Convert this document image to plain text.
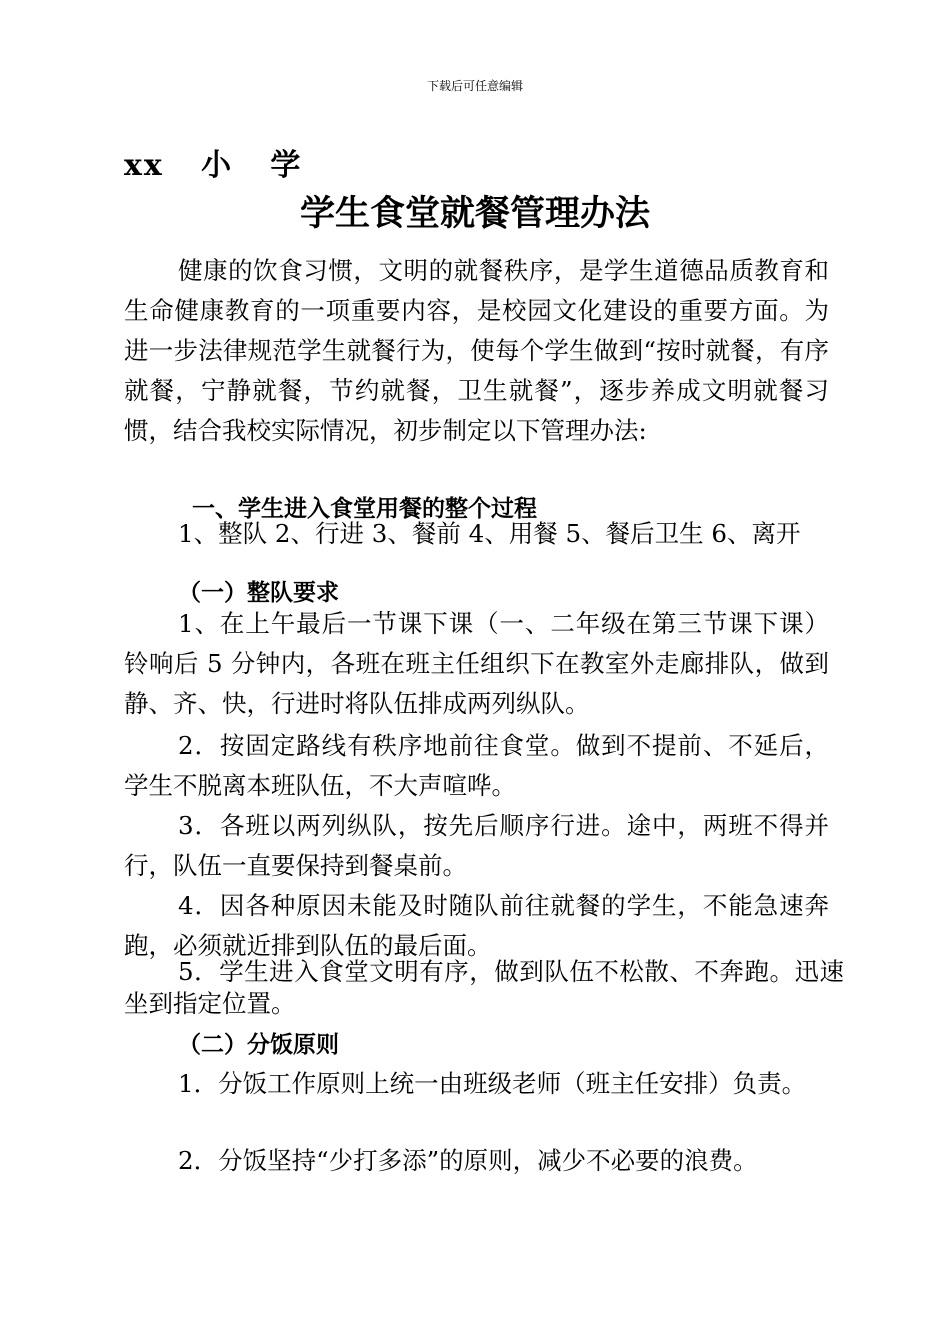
下载后可任意编辑
xx   小   学
学生食堂就餐管理办法
健康的饮食习惯，文明的就餐秩序，是学生道德品质教育和生命健康教育的一项重要内容，是校园文化建设的重要方面。为进一步法律规范学生就餐行为，使每个学生做到“按时就餐，有序就餐，宁静就餐，节约就餐，卫生就餐”，逐步养成文明就餐习惯，结合我校实际情况，初步制定以下管理办法:
一、学生进入食堂用餐的整个过程
1、整队 2、行进 3、餐前 4、用餐 5、餐后卫生 6、离开
（一）整队要求
1、在上午最后一节课下课（一、二年级在第三节课下课）铃响后 5 分钟内，各班在班主任组织下在教室外走廊排队，做到静、齐、快，行进时将队伍排成两列纵队。
2．按固定路线有秩序地前往食堂。做到不提前、不延后，学生不脱离本班队伍，不大声喧哗。
3．各班以两列纵队，按先后顺序行进。途中，两班不得并行，队伍一直要保持到餐桌前。
4．因各种原因未能及时随队前往就餐的学生，不能急速奔跑，必须就近排到队伍的最后面。
5．学生进入食堂文明有序，做到队伍不松散、不奔跑。迅速坐到指定位置。
（二）分饭原则
1．分饭工作原则上统一由班级老师（班主任安排）负责。
2．分饭坚持“少打多添”的原则，减少不必要的浪费。
